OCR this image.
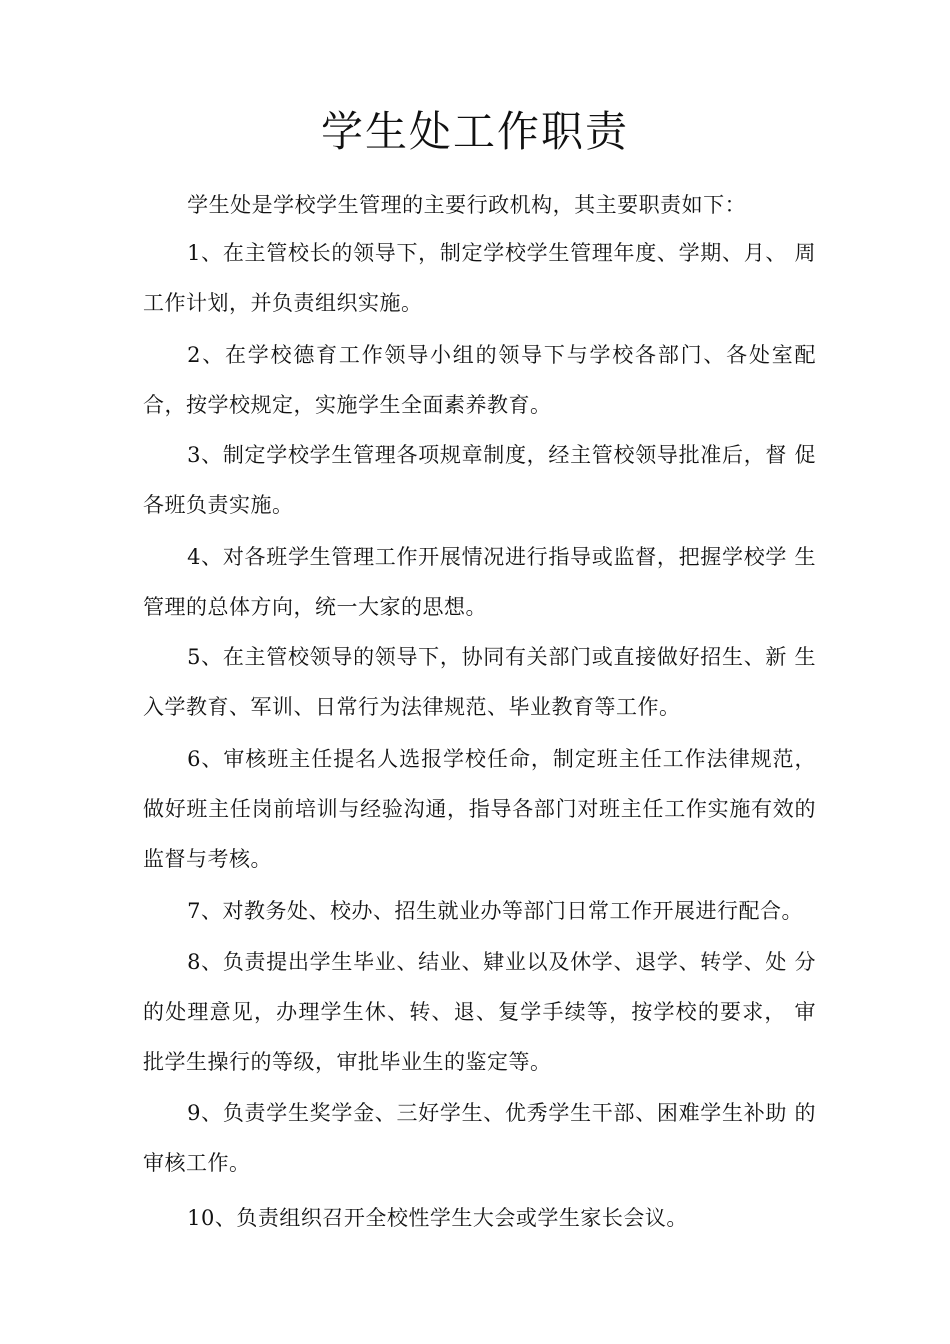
学生处工作职责

学生处是学校学生管理的主要行政机构，其主要职责如下：

1、在主管校长的领导下，制定学校学生管理年度、学期、月、 周工作计划，并负责组织实施。

2、在学校德育工作领导小组的领导下与学校各部门、各处室配合，按学校规定，实施学生全面素养教育。

3、制定学校学生管理各项规章制度，经主管校领导批准后，督 促各班负责实施。

4、对各班学生管理工作开展情况进行指导或监督，把握学校学 生管理的总体方向，统一大家的思想。

5、在主管校领导的领导下，协同有关部门或直接做好招生、新 生入学教育、军训、日常行为法律规范、毕业教育等工作。

6、审核班主任提名人选报学校任命，制定班主任工作法律规范，做好班主任岗前培训与经验沟通，指导各部门对班主任工作实施有效的 监督与考核。

7、对教务处、校办、招生就业办等部门日常工作开展进行配合。

8、负责提出学生毕业、结业、肄业以及休学、退学、转学、处 分的处理意见，办理学生休、转、退、复学手续等，按学校的要求， 审批学生操行的等级，审批毕业生的鉴定等。

9、负责学生奖学金、三好学生、优秀学生干部、困难学生补助 的审核工作。

10、负责组织召开全校性学生大会或学生家长会议。
